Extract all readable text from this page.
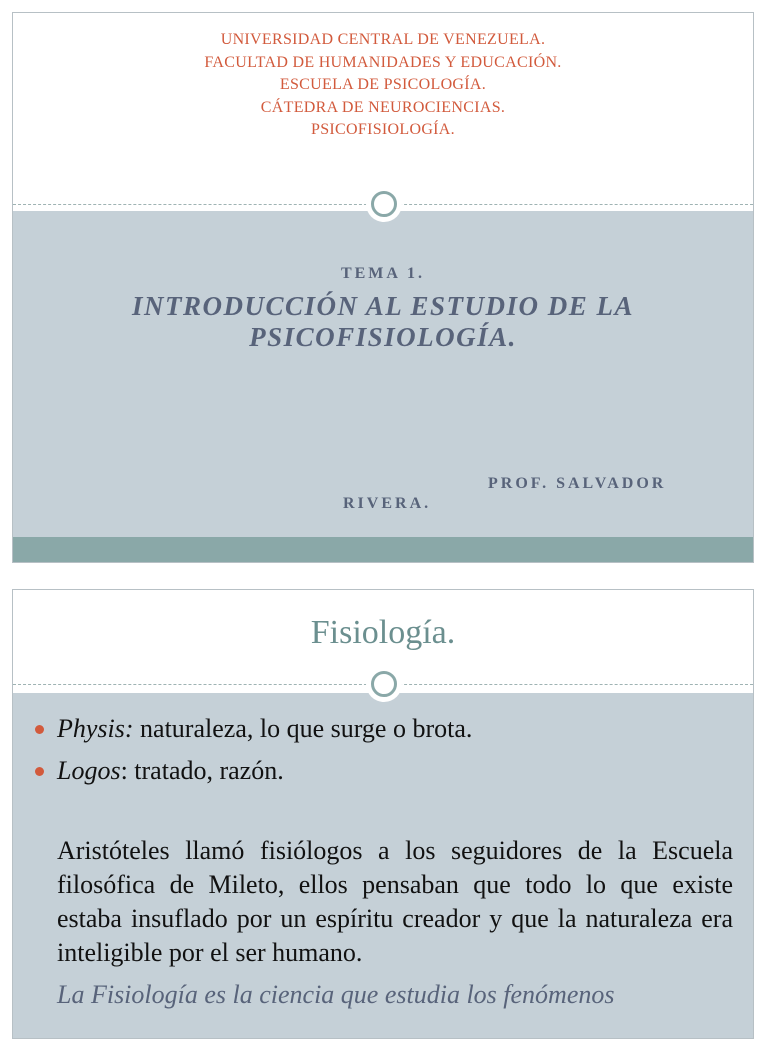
UNIVERSIDAD CENTRAL DE VENEZUELA.
FACULTAD DE HUMANIDADES Y EDUCACIÓN.
ESCUELA DE PSICOLOGÍA.
CÁTEDRA DE NEUROCIENCIAS.
PSICOFISIOLOGÍA.
TEMA 1.
INTRODUCCIÓN AL ESTUDIO DE LA
PSICOFISIOLOGÍA.
PROF. SALVADOR
RIVERA.
Fisiología.
Physis: naturaleza, lo que surge o brota.
Logos: tratado, razón.

Aristóteles llamó fisiólogos a los seguidores de la Escuela filosófica de Mileto, ellos pensaban que todo lo que existe estaba insuflado por un espíritu creador y que la naturaleza era inteligible por el ser humano.

La Fisiología es la ciencia que estudia los fenómenos
